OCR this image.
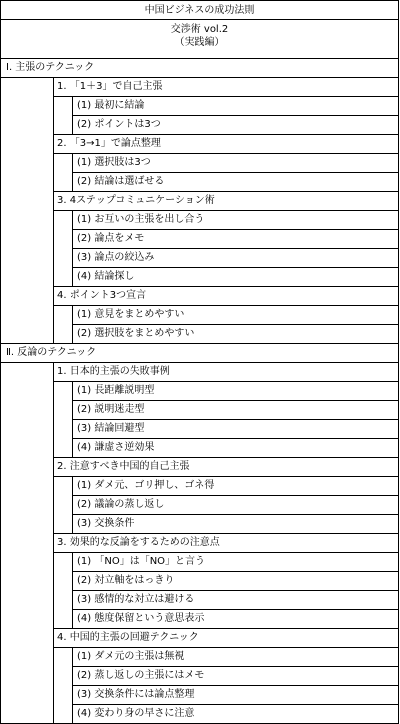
中国ビジネスの成功法則
交渉術 vol.2
（実践編）
Ⅰ. 主張のテクニック
1. 「1＋3」で自己主張
(1) 最初に結論
(2) ポイントは3つ
2. 「3→1」で論点整理
(1) 選択肢は3つ
(2) 結論は選ばせる
3. 4ステップコミュニケーション術
(1) お互いの主張を出し合う
(2) 論点をメモ
(3) 論点の絞込み
(4) 結論探し
4. ポイント3つ宣言
(1) 意見をまとめやすい
(2) 選択肢をまとめやすい
Ⅱ. 反論のテクニック
1. 日本的主張の失敗事例
(1) 長距離説明型
(2) 説明迷走型
(3) 結論回避型
(4) 謙虚さ逆効果
2. 注意すべき中国的自己主張
(1) ダメ元、ゴリ押し、ゴネ得
(2) 議論の蒸し返し
(3) 交換条件
3. 効果的な反論をするための注意点
(1) 「NO」は「NO」と言う
(2) 対立軸をはっきり
(3) 感情的な対立は避ける
(4) 態度保留という意思表示
4. 中国的主張の回避テクニック
(1) ダメ元の主張は無視
(2) 蒸し返しの主張にはメモ
(3) 交換条件には論点整理
(4) 変わり身の早さに注意
